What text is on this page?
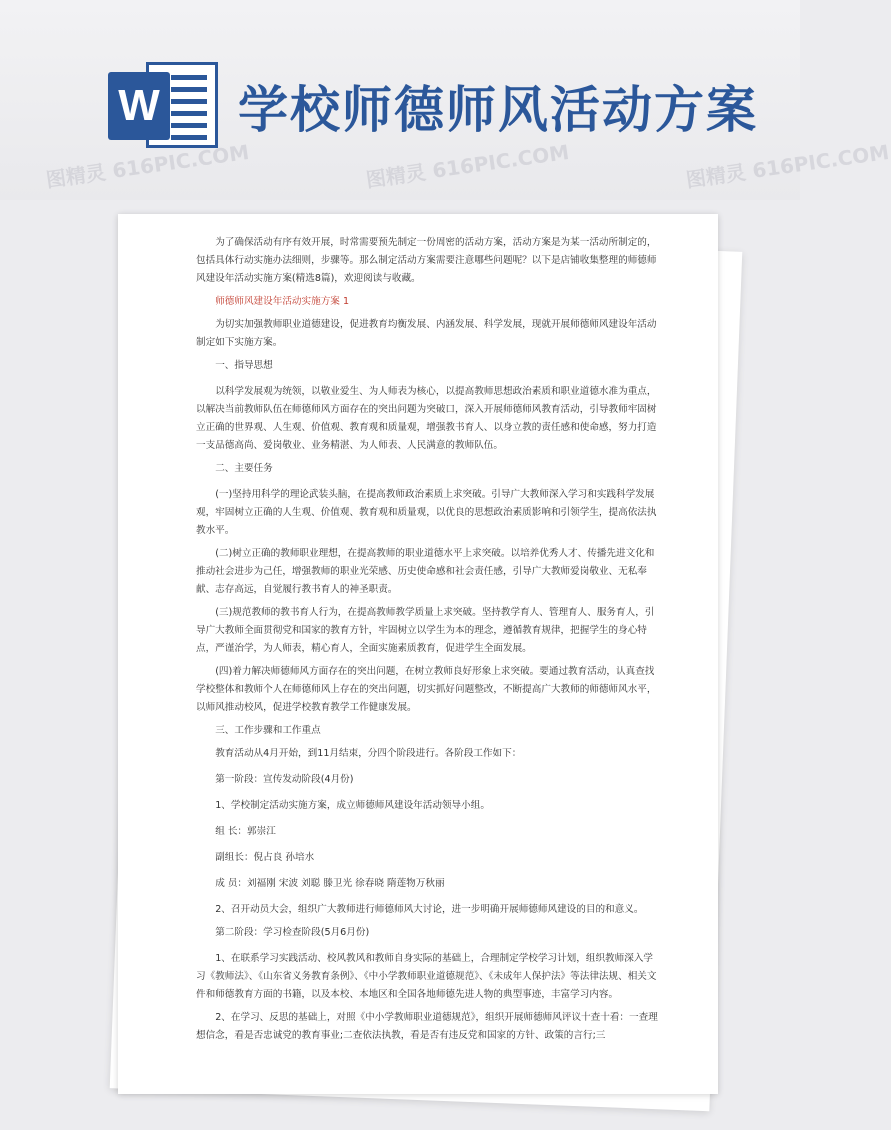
W 学校师德师风活动方案
图精灵 616PIC.COM	图精灵 616PIC.COM	图精灵 616PIC.COM

为了确保活动有序有效开展，时常需要预先制定一份周密的活动方案，活动方案是为某一活动所制定的，包括具体行动实施办法细则，步骤等。那么制定活动方案需要注意哪些问题呢？以下是店铺收集整理的师德师风建设年活动实施方案(精选8篇)，欢迎阅读与收藏。

师德师风建设年活动实施方案 1

为切实加强教师职业道德建设，促进教育均衡发展、内涵发展、科学发展，现就开展师德师风建设年活动制定如下实施方案。

一、指导思想

以科学发展观为统领，以敬业爱生、为人师表为核心，以提高教师思想政治素质和职业道德水准为重点，以解决当前教师队伍在师德师风方面存在的突出问题为突破口，深入开展师德师风教育活动，引导教师牢固树立正确的世界观、人生观、价值观、教育观和质量观，增强教书育人、以身立教的责任感和使命感，努力打造一支品德高尚、爱岗敬业、业务精湛、为人师表、人民满意的教师队伍。

二、主要任务

(一)坚持用科学的理论武装头脑，在提高教师政治素质上求突破。引导广大教师深入学习和实践科学发展观，牢固树立正确的人生观、价值观、教育观和质量观，以优良的思想政治素质影响和引领学生，提高依法执教水平。

(二)树立正确的教师职业理想，在提高教师的职业道德水平上求突破。以培养优秀人才、传播先进文化和推动社会进步为己任，增强教师的职业光荣感、历史使命感和社会责任感，引导广大教师爱岗敬业、无私奉献、志存高远，自觉履行教书育人的神圣职责。

(三)规范教师的教书育人行为，在提高教师教学质量上求突破。坚持教学育人、管理育人、服务育人，引导广大教师全面贯彻党和国家的教育方针，牢固树立以学生为本的理念，遵循教育规律，把握学生的身心特点，严谨治学，为人师表，精心育人，全面实施素质教育，促进学生全面发展。

(四)着力解决师德师风方面存在的突出问题，在树立教师良好形象上求突破。要通过教育活动，认真查找学校整体和教师个人在师德师风上存在的突出问题，切实抓好问题整改，不断提高广大教师的师德师风水平，以师风推动校风，促进学校教育教学工作健康发展。

三、工作步骤和工作重点

教育活动从4月开始，到11月结束，分四个阶段进行。各阶段工作如下：

第一阶段：宣传发动阶段(4月份)

1、学校制定活动实施方案，成立师德师风建设年活动领导小组。

组 长：郭崇江

副组长：倪占良 孙培水

成 员：刘福刚 宋波 刘聪 滕卫光 徐春晓 隋莲物万秋丽

2、召开动员大会，组织广大教师进行师德师风大讨论，进一步明确开展师德师风建设的目的和意义。

第二阶段：学习检查阶段(5月6月份)

1、在联系学习实践活动、校风教风和教师自身实际的基础上，合理制定学校学习计划，组织教师深入学习《教师法》、《山东省义务教育条例》、《中小学教师职业道德规范》、《未成年人保护法》等法律法规、相关文件和师德教育方面的书籍，以及本校、本地区和全国各地师德先进人物的典型事迹，丰富学习内容。

2、在学习、反思的基础上，对照《中小学教师职业道德规范》，组织开展师德师风评议十查十看：一查理想信念，看是否忠诚党的教育事业;二查依法执教，看是否有违反党和国家的方针、政策的言行;三
